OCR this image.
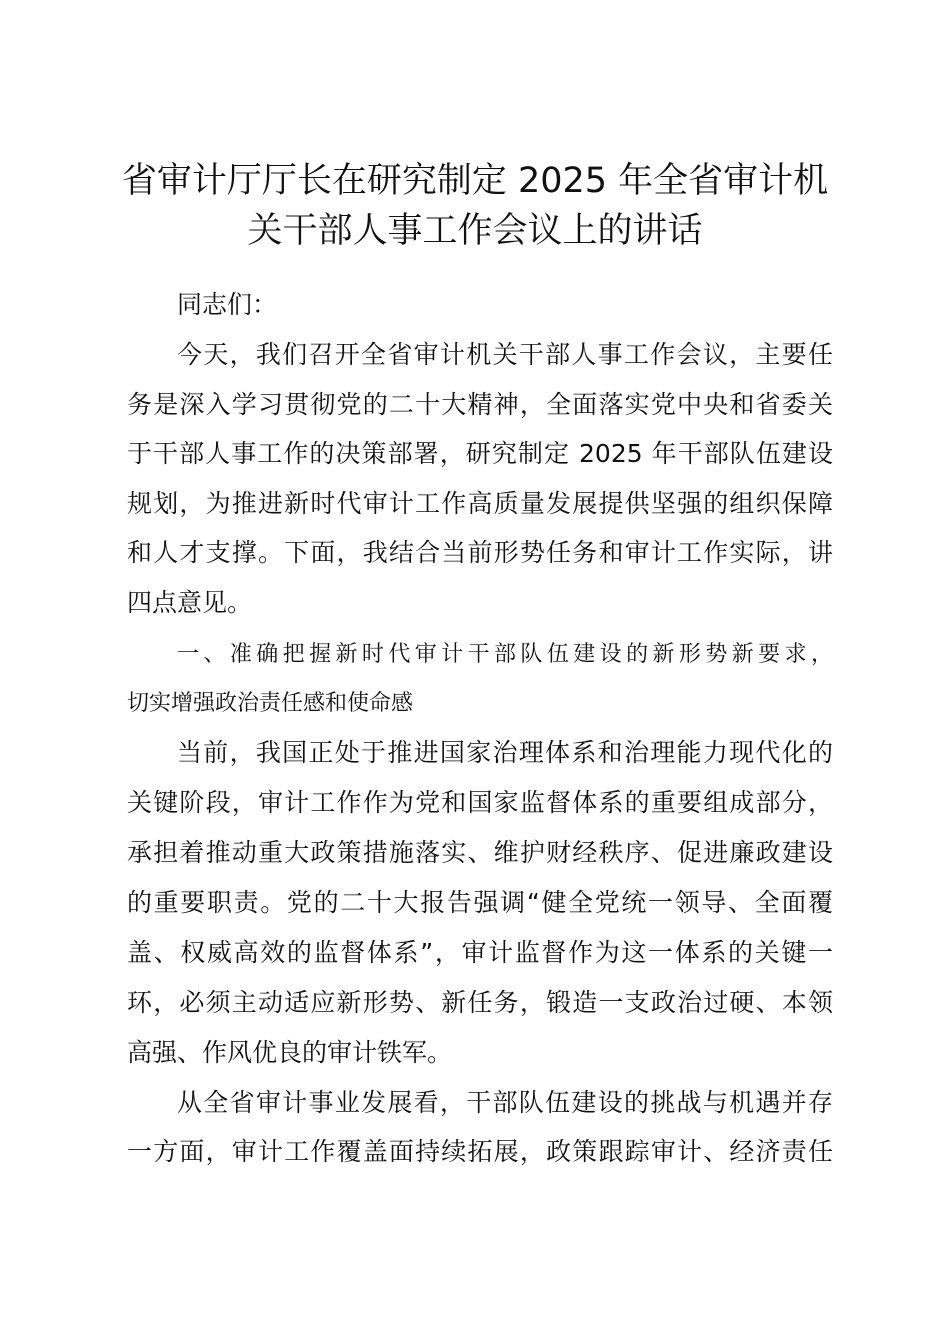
省审计厅厅长在研究制定 2025 年全省审计机
关干部人事工作会议上的讲话
同志们：
今天，我们召开全省审计机关干部人事工作会议，主要任
务是深入学习贯彻党的二十大精神，全面落实党中央和省委关
于干部人事工作的决策部署，研究制定 2025 年干部队伍建设
规划，为推进新时代审计工作高质量发展提供坚强的组织保障
和人才支撑。下面，我结合当前形势任务和审计工作实际，讲
四点意见。
一、准确把握新时代审计干部队伍建设的新形势新要求，
切实增强政治责任感和使命感
当前，我国正处于推进国家治理体系和治理能力现代化的
关键阶段，审计工作作为党和国家监督体系的重要组成部分，
承担着推动重大政策措施落实、维护财经秩序、促进廉政建设
的重要职责。党的二十大报告强调“健全党统一领导、全面覆
盖、权威高效的监督体系”，审计监督作为这一体系的关键一
环，必须主动适应新形势、新任务，锻造一支政治过硬、本领
高强、作风优良的审计铁军。
从全省审计事业发展看，干部队伍建设的挑战与机遇并存
一方面，审计工作覆盖面持续拓展，政策跟踪审计、经济责任
